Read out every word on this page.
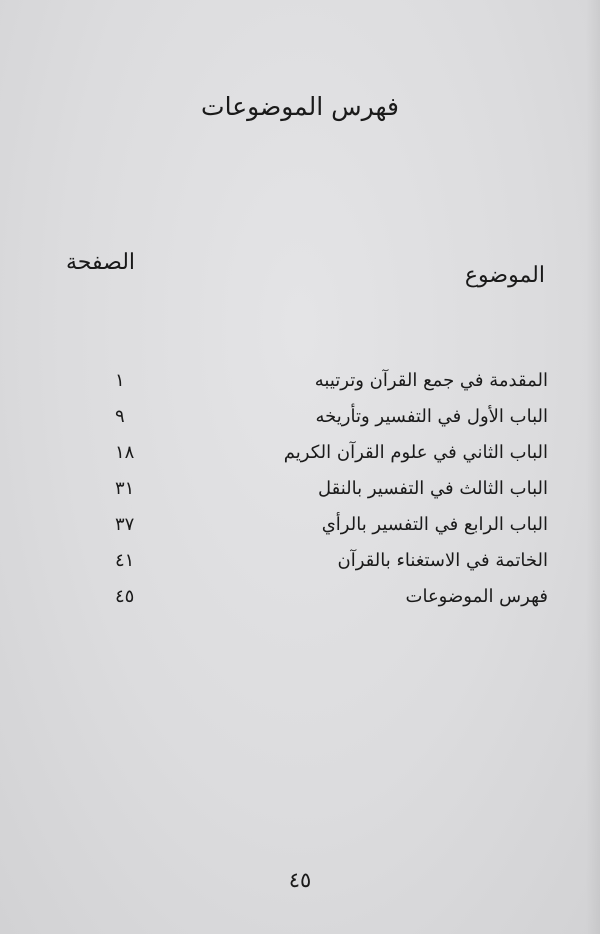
فهرس الموضوعات
الموضوع
الصفحة
المقدمة في جمع القرآن وترتيبه
١
الباب الأول في التفسير وتأريخه
٩
الباب الثاني في علوم القرآن الكريم
١٨
الباب الثالث في التفسير بالنقل
٣١
الباب الرابع في التفسير بالرأي
٣٧
الخاتمة في الاستغناء بالقرآن
٤١
فهرس الموضوعات
٤٥
٤٥
